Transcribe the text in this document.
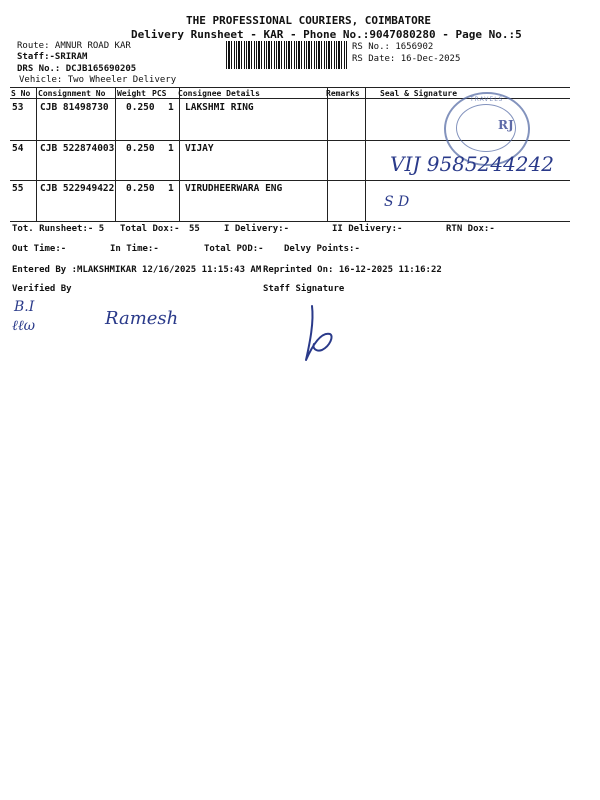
THE PROFESSIONAL COURIERS, COIMBATORE
Delivery Runsheet - KAR - Phone No.:9047080280 - Page No.:5
Route: AMNUR ROAD KAR
Staff:-SRIRAM
DRS No.: DCJB165690205
Vehicle: Two Wheeler Delivery
RS No.: 1656902
RS Date: 16-Dec-2025
S No Consignment No Weight PCS Consignee Details	Remarks	Seal & Signature
53 CJB 81498730 0.250 1 LAKSHMI RING
54 CJB 522874003 0.250 1 VIJAY
55 CJB 522949422 0.250 1 VIRUDHEERWARA ENG
TRAVELS
RJ
VIJ 9585244242
S D
Tot. Runsheet:- 5 Total Dox:- 55	I Delivery:-	II Delivery:-	RTN Dox:-
Out Time:-	In Time:-	Total POD:- Delvy Points:-
Entered By :MLAKSHMIKAR 12/16/2025 11:15:43 AM Reprinted On: 16-12-2025 11:16:22
Verified By	Staff Signature
B.I
ℓℓω	Ramesh
